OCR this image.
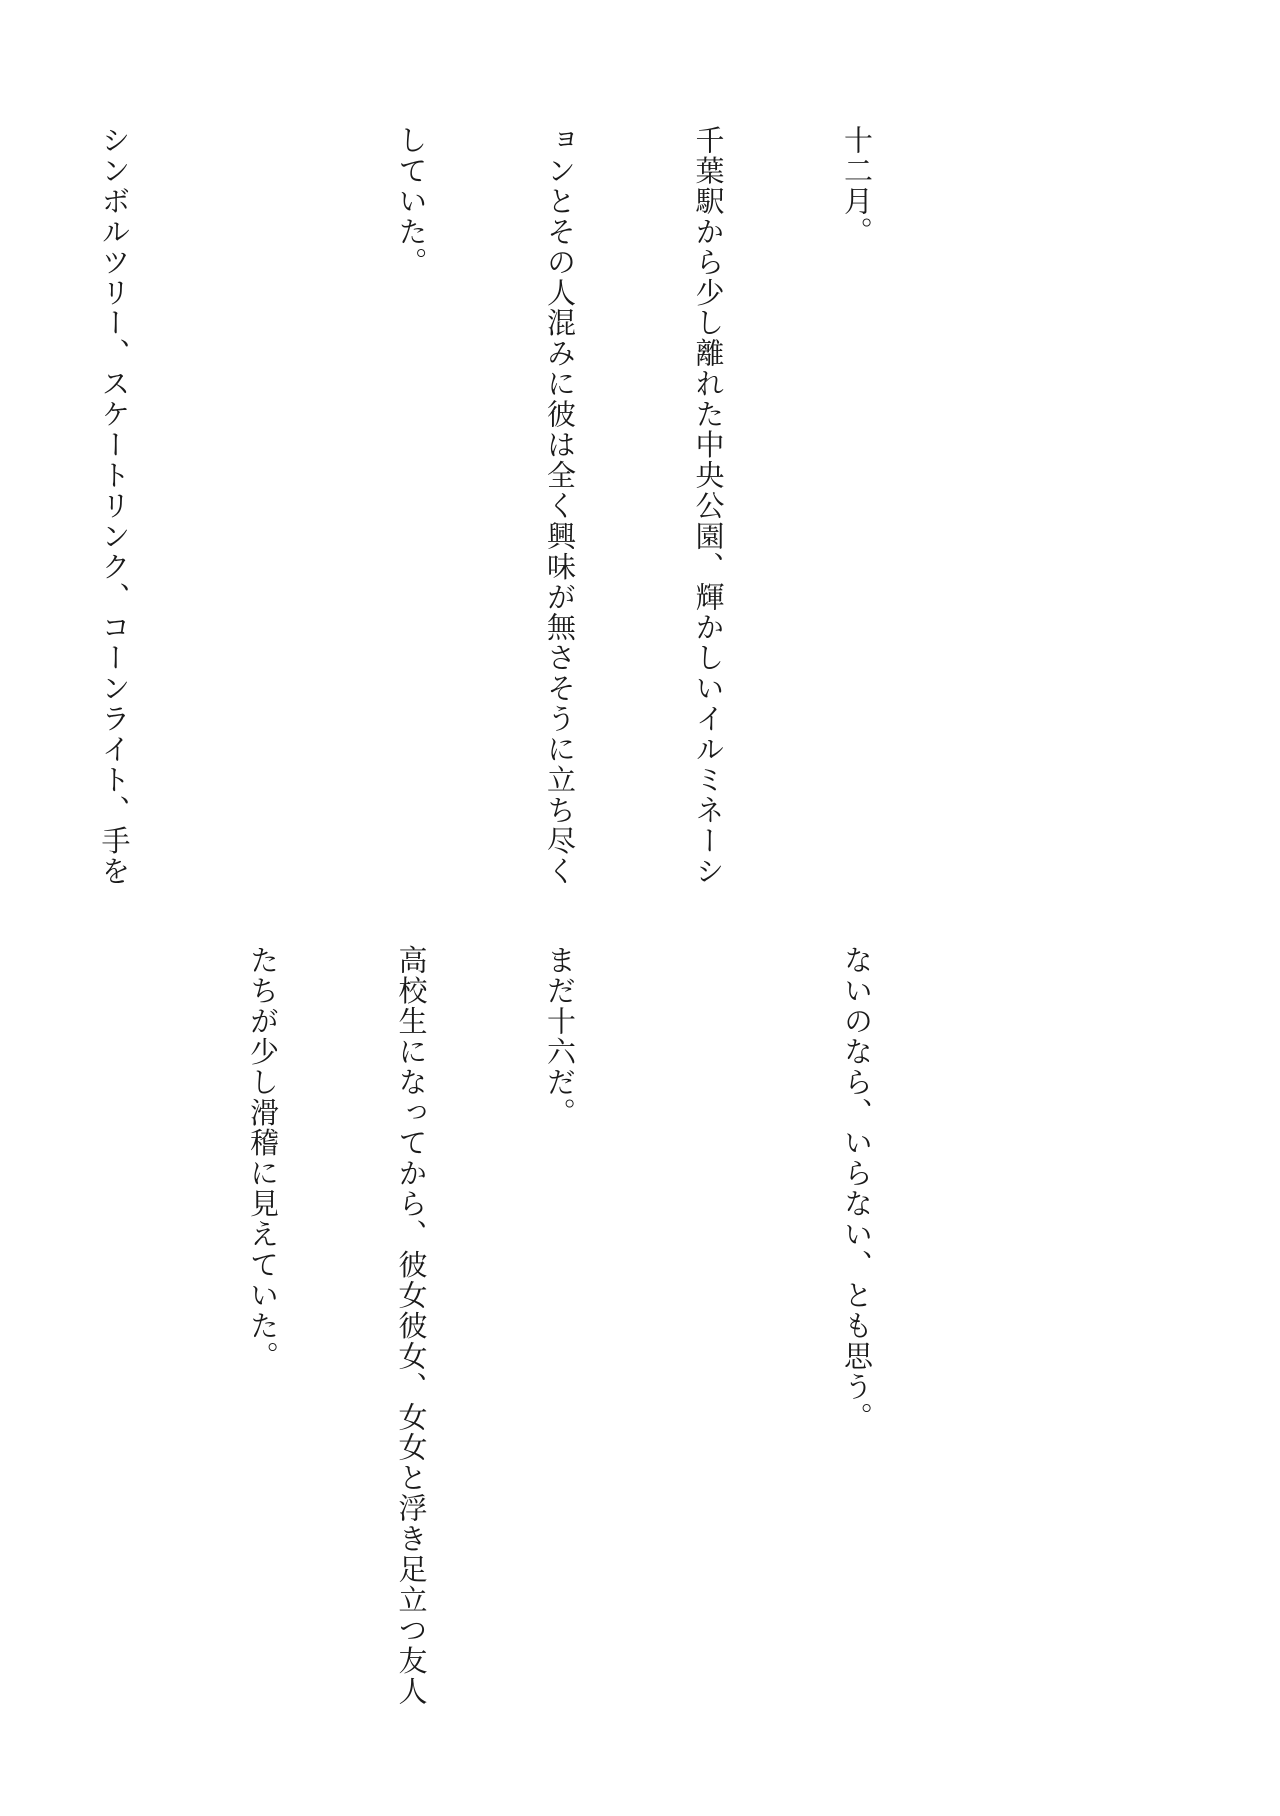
十二月。

千葉駅から少し離れた中央公園、輝かしいイルミネーシ

ョンとその人混みに彼は全く興味が無さそうに立ち尽く

していた。

シンボルツリー、スケートリンク、コーンライト、手を

ないのなら、いらない、とも思う。

まだ十六だ。

高校生になってから、彼女彼女、女女と浮き足立つ友人

たちが少し滑稽に見えていた。
